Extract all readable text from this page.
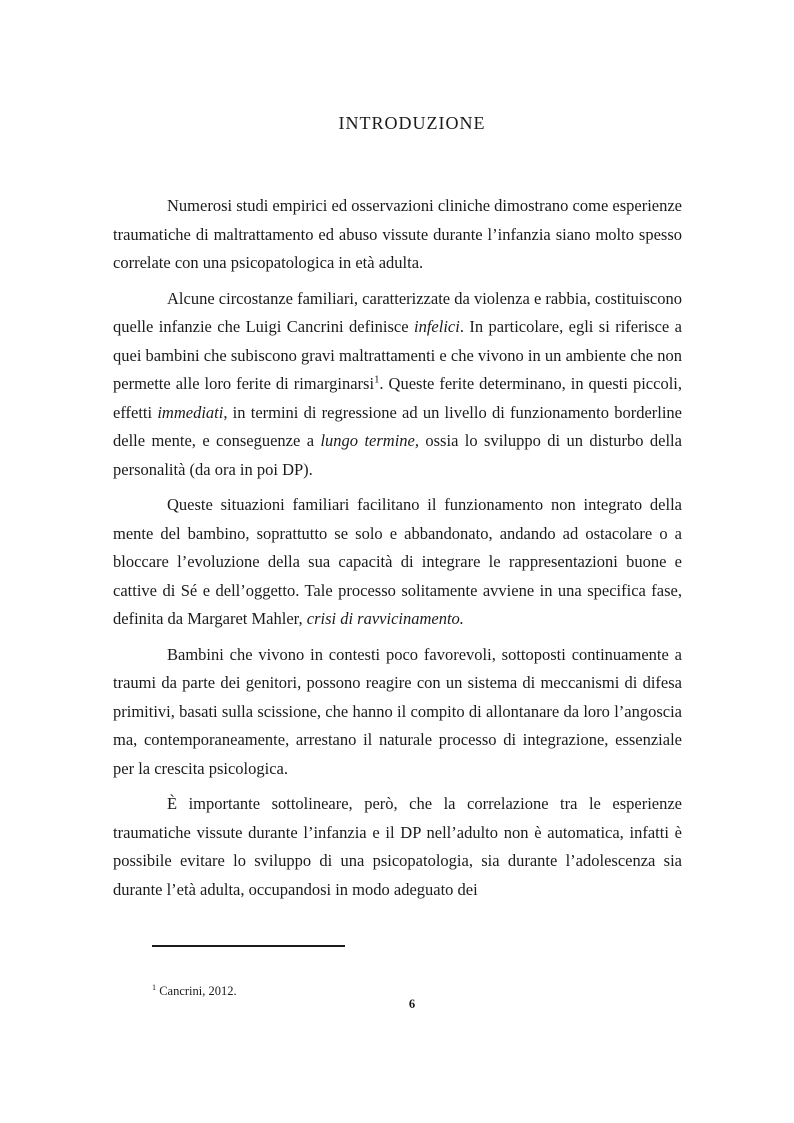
INTRODUZIONE

Numerosi studi empirici ed osservazioni cliniche dimostrano come esperienze traumatiche di maltrattamento ed abuso vissute durante l’infanzia siano molto spesso correlate con una psicopatologica in età adulta.

Alcune circostanze familiari, caratterizzate da violenza e rabbia, costituiscono quelle infanzie che Luigi Cancrini definisce infelici. In particolare, egli si riferisce a quei bambini che subiscono gravi maltrattamenti e che vivono in un ambiente che non permette alle loro ferite di rimarginarsi$^1$. Queste ferite determinano, in questi piccoli, effetti immediati, in termini di regressione ad un livello di funzionamento borderline delle mente, e conseguenze a lungo termine, ossia lo sviluppo di un disturbo della personalità (da ora in poi DP).

Queste situazioni familiari facilitano il funzionamento non integrato della mente del bambino, soprattutto se solo e abbandonato, andando ad ostacolare o a bloccare l’evoluzione della sua capacità di integrare le rappresentazioni buone e cattive di Sé e dell’oggetto. Tale processo solitamente avviene in una specifica fase, definita da Margaret Mahler, crisi di ravvicinamento.

Bambini che vivono in contesti poco favorevoli, sottoposti continuamente a traumi da parte dei genitori, possono reagire con un sistema di meccanismi di difesa primitivi, basati sulla scissione, che hanno il compito di allontanare da loro l’angoscia ma, contemporaneamente, arrestano il naturale processo di integrazione, essenziale per la crescita psicologica.

È importante sottolineare, però, che la correlazione tra le esperienze traumatiche vissute durante l’infanzia e il DP nell’adulto non è automatica, infatti è possibile evitare lo sviluppo di una psicopatologia, sia durante l’adolescenza sia durante l’età adulta, occupandosi in modo adeguato dei

$^1$ Cancrini, 2012.
6
